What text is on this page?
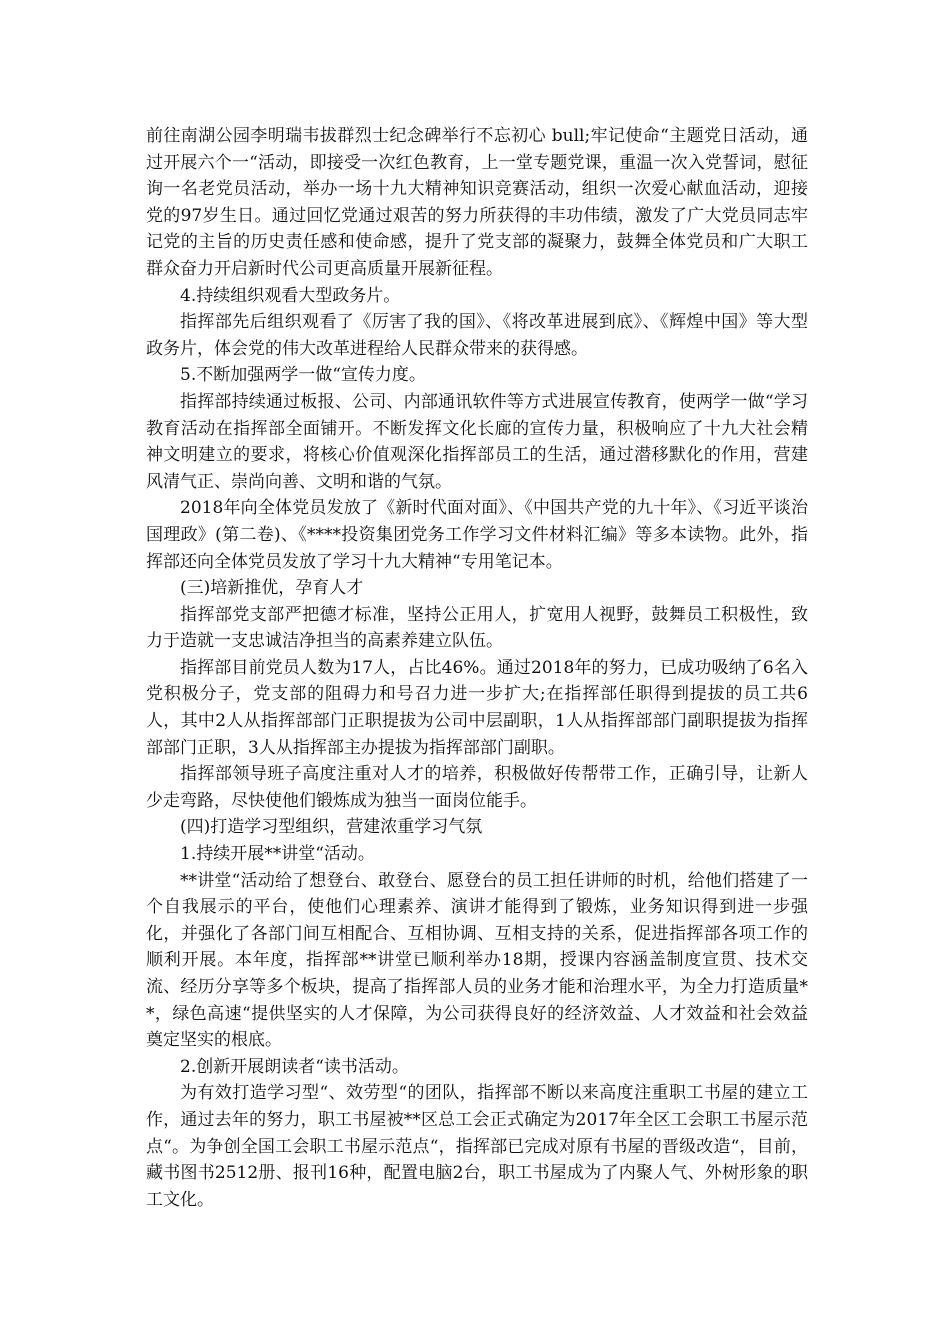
前往南湖公园李明瑞韦拔群烈士纪念碑举行不忘初心 bull;牢记使命“主题党日活动，通过开展六个一“活动，即接受一次红色教育，上一堂专题党课，重温一次入党誓词，慰征询一名老党员活动，举办一场十九大精神知识竞赛活动，组织一次爱心献血活动，迎接党的97岁生日。通过回忆党通过艰苦的努力所获得的丰功伟绩，激发了广大党员同志牢记党的主旨的历史责任感和使命感，提升了党支部的凝聚力，鼓舞全体党员和广大职工群众奋力开启新时代公司更高质量开展新征程。

4.持续组织观看大型政务片。

指挥部先后组织观看了《厉害了我的国》、《将改革进展到底》、《辉煌中国》等大型政务片，体会党的伟大改革进程给人民群众带来的获得感。

5.不断加强两学一做“宣传力度。

指挥部持续通过板报、公司、内部通讯软件等方式进展宣传教育，使两学一做“学习教育活动在指挥部全面铺开。不断发挥文化长廊的宣传力量，积极响应了十九大社会精神文明建立的要求，将核心价值观深化指挥部员工的生活，通过潜移默化的作用，营建风清气正、崇尚向善、文明和谐的气氛。

2018年向全体党员发放了《新时代面对面》、《中国共产党的九十年》、《习近平谈治国理政》(第二卷)、《****投资集团党务工作学习文件材料汇编》等多本读物。此外，指挥部还向全体党员发放了学习十九大精神“专用笔记本。

(三)培新推优，孕育人才

指挥部党支部严把德才标准，坚持公正用人，扩宽用人视野，鼓舞员工积极性，致力于造就一支忠诚洁净担当的高素养建立队伍。

指挥部目前党员人数为17人，占比46%。通过2018年的努力，已成功吸纳了6名入党积极分子，党支部的阻碍力和号召力进一步扩大;在指挥部任职得到提拔的员工共6人，其中2人从指挥部部门正职提拔为公司中层副职，1人从指挥部部门副职提拔为指挥部部门正职，3人从指挥部主办提拔为指挥部部门副职。

指挥部领导班子高度注重对人才的培养，积极做好传帮带工作，正确引导，让新人少走弯路，尽快使他们锻炼成为独当一面岗位能手。

(四)打造学习型组织，营建浓重学习气氛

1.持续开展**讲堂“活动。

**讲堂“活动给了想登台、敢登台、愿登台的员工担任讲师的时机，给他们搭建了一个自我展示的平台，使他们心理素养、演讲才能得到了锻炼，业务知识得到进一步强化，并强化了各部门间互相配合、互相协调、互相支持的关系，促进指挥部各项工作的顺利开展。本年度，指挥部**讲堂已顺利举办18期，授课内容涵盖制度宣贯、技术交流、经历分享等多个板块，提高了指挥部人员的业务才能和治理水平，为全力打造质量**，绿色高速“提供坚实的人才保障，为公司获得良好的经济效益、人才效益和社会效益奠定坚实的根底。

2.创新开展朗读者“读书活动。

为有效打造学习型“、效劳型“的团队，指挥部不断以来高度注重职工书屋的建立工作，通过去年的努力，职工书屋被**区总工会正式确定为2017年全区工会职工书屋示范点“。为争创全国工会职工书屋示范点“，指挥部已完成对原有书屋的晋级改造“，目前，藏书图书2512册、报刊16种，配置电脑2台，职工书屋成为了内聚人气、外树形象的职工文化。
